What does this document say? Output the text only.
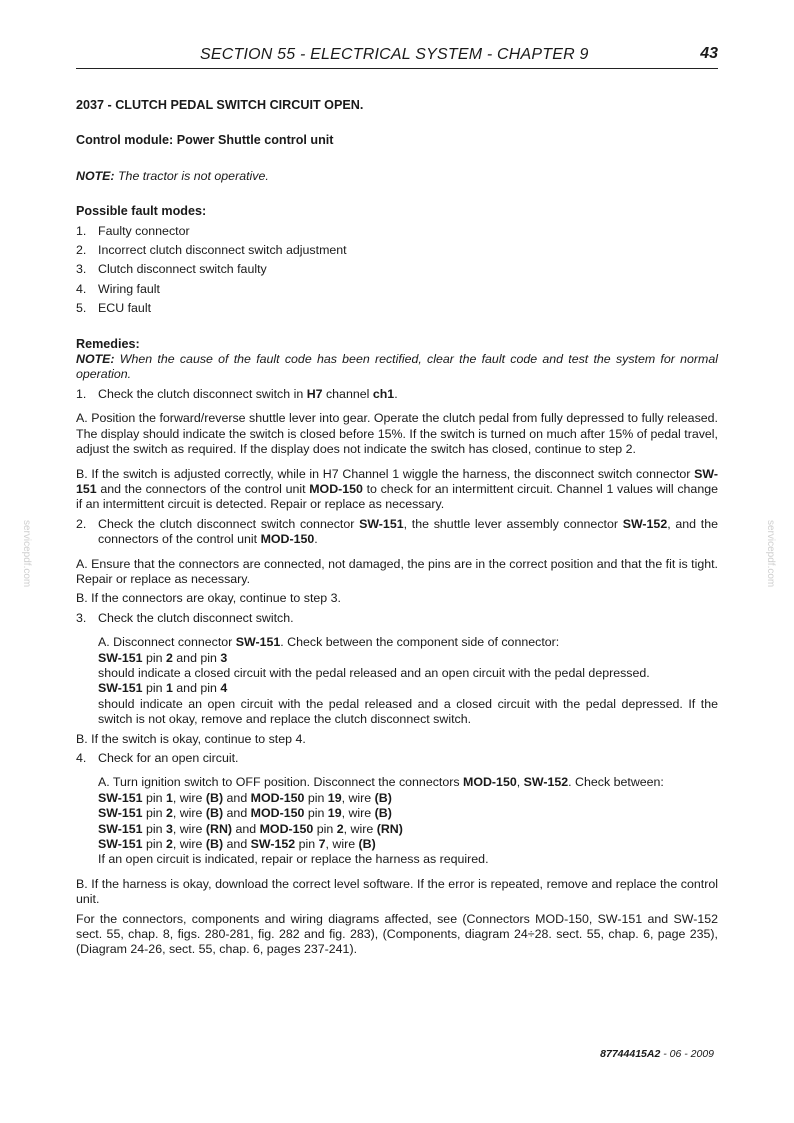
SECTION 55 - ELECTRICAL SYSTEM - CHAPTER 9	43
servicepdf.com	servicepdf.com

2037 - CLUTCH PEDAL SWITCH CIRCUIT OPEN.

Control module: Power Shuttle control unit

NOTE: The tractor is not operative.

Possible fault modes:

1. Faulty connector
2. Incorrect clutch disconnect switch adjustment
3. Clutch disconnect switch faulty
4. Wiring fault
5. ECU fault

Remedies:

NOTE: When the cause of the fault code has been rectified, clear the fault code and test the system for normal operation.

1. Check the clutch disconnect switch in H7 channel ch1.

A. Position the forward/reverse shuttle lever into gear. Operate the clutch pedal from fully depressed to fully released. The display should indicate the switch is closed before 15%. If the switch is turned on much after 15% of pedal travel, adjust the switch as required. If the display does not indicate the switch has closed, continue to step 2.

B. If the switch is adjusted correctly, while in H7 Channel 1 wiggle the harness, the disconnect switch connector SW-151 and the connectors of the control unit MOD-150 to check for an intermittent circuit. Channel 1 values will change if an intermittent circuit is detected. Repair or replace as necessary.

2. Check the clutch disconnect switch connector SW-151, the shuttle lever assembly connector SW-152, and the connectors of the control unit MOD-150.

A. Ensure that the connectors are connected, not damaged, the pins are in the correct position and that the fit is tight. Repair or replace as necessary.

B. If the connectors are okay, continue to step 3.

3. Check the clutch disconnect switch.

A. Disconnect connector SW-151. Check between the component side of connector:

SW-151 pin 2 and pin 3

should indicate a closed circuit with the pedal released and an open circuit with the pedal depressed.

SW-151 pin 1 and pin 4

should indicate an open circuit with the pedal released and a closed circuit with the pedal depressed. If the switch is not okay, remove and replace the clutch disconnect switch.

B. If the switch is okay, continue to step 4.

4. Check for an open circuit.

A. Turn ignition switch to OFF position. Disconnect the connectors MOD-150, SW-152. Check between:

SW-151 pin 1, wire (B) and MOD-150 pin 19, wire (B)

SW-151 pin 2, wire (B) and MOD-150 pin 19, wire (B)

SW-151 pin 3, wire (RN) and MOD-150 pin 2, wire (RN)

SW-151 pin 2, wire (B) and SW-152 pin 7, wire (B)

If an open circuit is indicated, repair or replace the harness as required.

B. If the harness is okay, download the correct level software. If the error is repeated, remove and replace the control unit.

For the connectors, components and wiring diagrams affected, see (Connectors MOD-150, SW-151 and SW-152 sect. 55, chap. 8, figs. 280-281, fig. 282 and fig. 283), (Components, diagram 24÷28. sect. 55, chap. 6, page 235), (Diagram 24-26, sect. 55, chap. 6, pages 237-241).

87744415A2 - 06 - 2009
